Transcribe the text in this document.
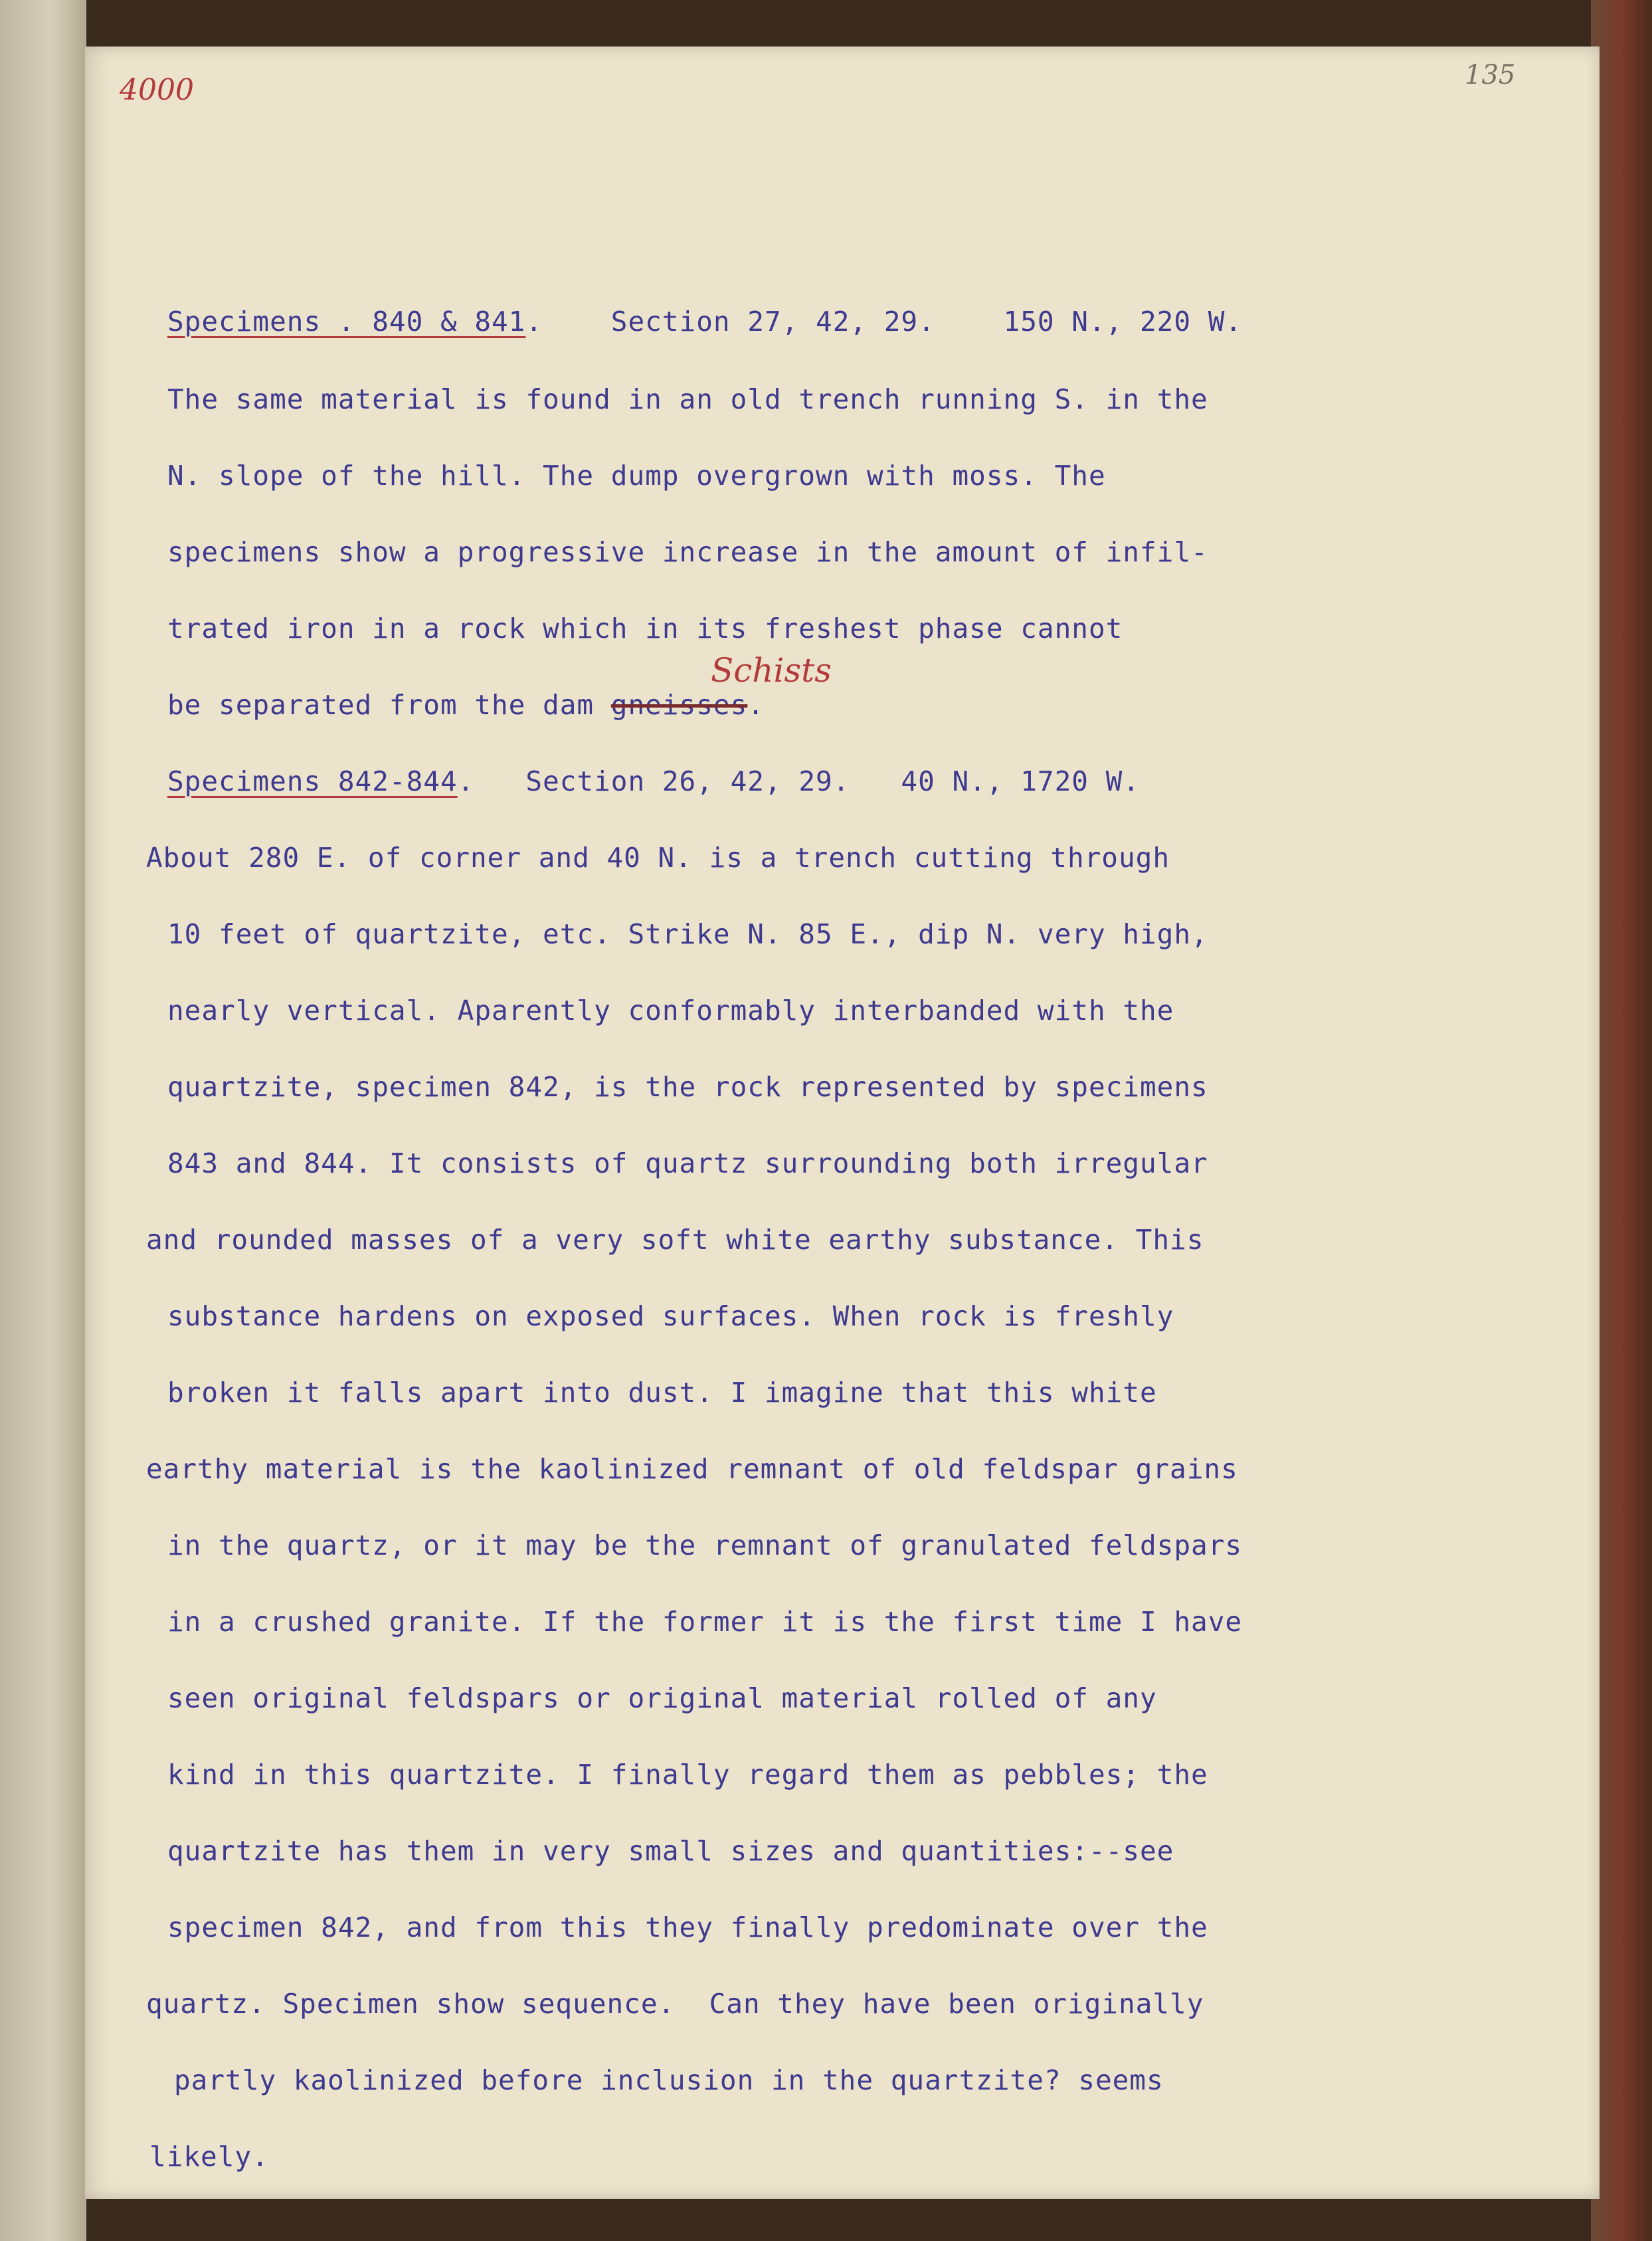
4000	135
Schists
Specimens . 840 & 841.    Section 27, 42, 29.    150 N., 220 W.
The same material is found in an old trench running S. in the
N. slope of the hill. The dump overgrown with moss. The
specimens show a progressive increase in the amount of infil-
trated iron in a rock which in its freshest phase cannot
be separated from the dam gneisses.
Specimens 842-844.   Section 26, 42, 29.   40 N., 1720 W.
About 280 E. of corner and 40 N. is a trench cutting through
10 feet of quartzite, etc. Strike N. 85 E., dip N. very high,
nearly vertical. Aparently conformably interbanded with the
quartzite, specimen 842, is the rock represented by specimens
843 and 844. It consists of quartz surrounding both irregular
and rounded masses of a very soft white earthy substance. This
substance hardens on exposed surfaces. When rock is freshly
broken it falls apart into dust. I imagine that this white
earthy material is the kaolinized remnant of old feldspar grains
in the quartz, or it may be the remnant of granulated feldspars
in a crushed granite. If the former it is the first time I have
seen original feldspars or original material rolled of any
kind in this quartzite. I finally regard them as pebbles; the
quartzite has them in very small sizes and quantities:--see
specimen 842, and from this they finally predominate over the
quartz. Specimen show sequence.  Can they have been originally
partly kaolinized before inclusion in the quartzite? seems
likely.
